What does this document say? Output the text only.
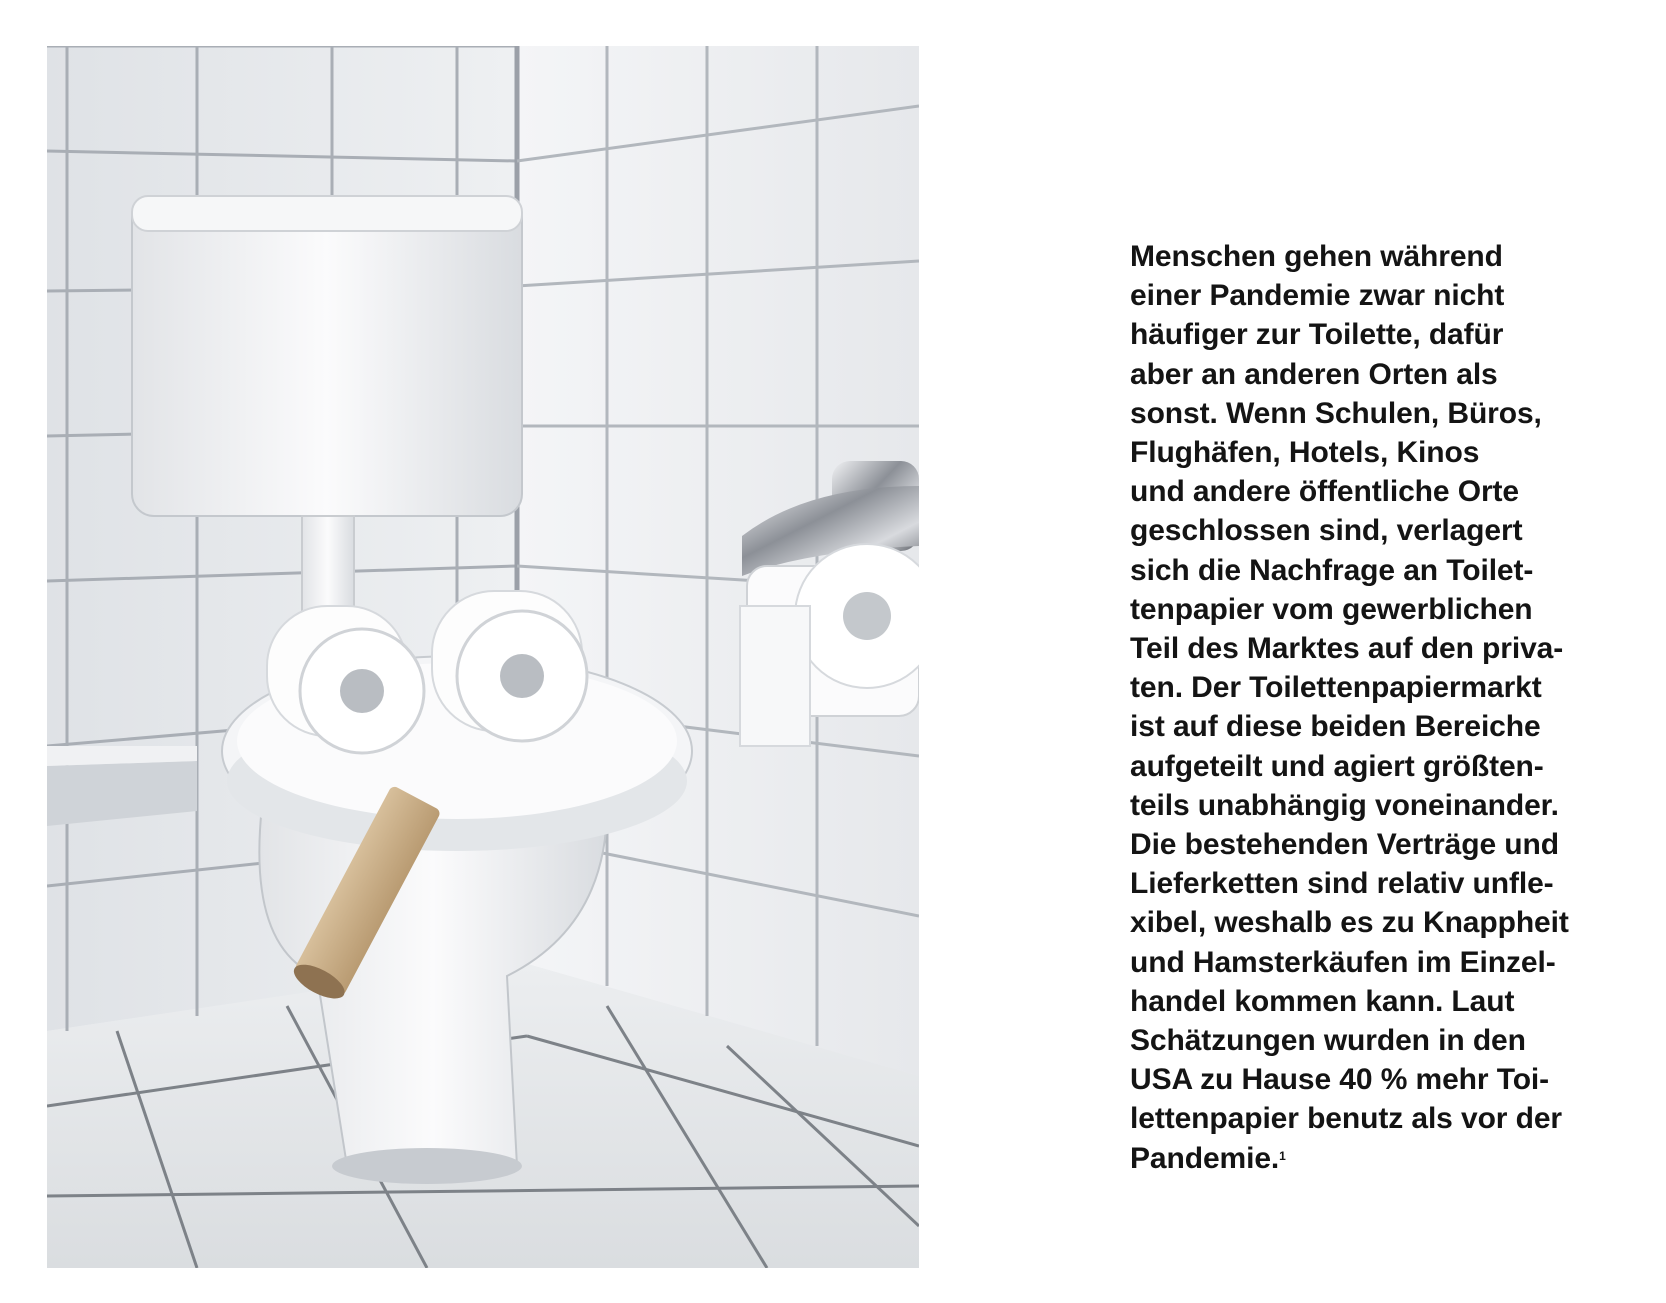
Menschen gehen während
einer Pandemie zwar nicht
häufiger zur Toilette, dafür
aber an anderen Orten als
sonst. Wenn Schulen, Büros,
Flughäfen, Hotels, Kinos
und andere öffentliche Orte
geschlossen sind, verlagert
sich die Nachfrage an Toilet-
tenpapier vom gewerblichen
Teil des Marktes auf den priva-
ten. Der Toilettenpapiermarkt
ist auf diese beiden Bereiche
aufgeteilt und agiert größten-
teils unabhängig voneinander.
Die bestehenden Verträge und
Lieferketten sind relativ unfle-
xibel, weshalb es zu Knappheit
und Hamsterkäufen im Einzel-
handel kommen kann. Laut
Schätzungen wurden in den
USA zu Hause 40 % mehr Toi-
lettenpapier benutz als vor der
Pandemie.$^1$
